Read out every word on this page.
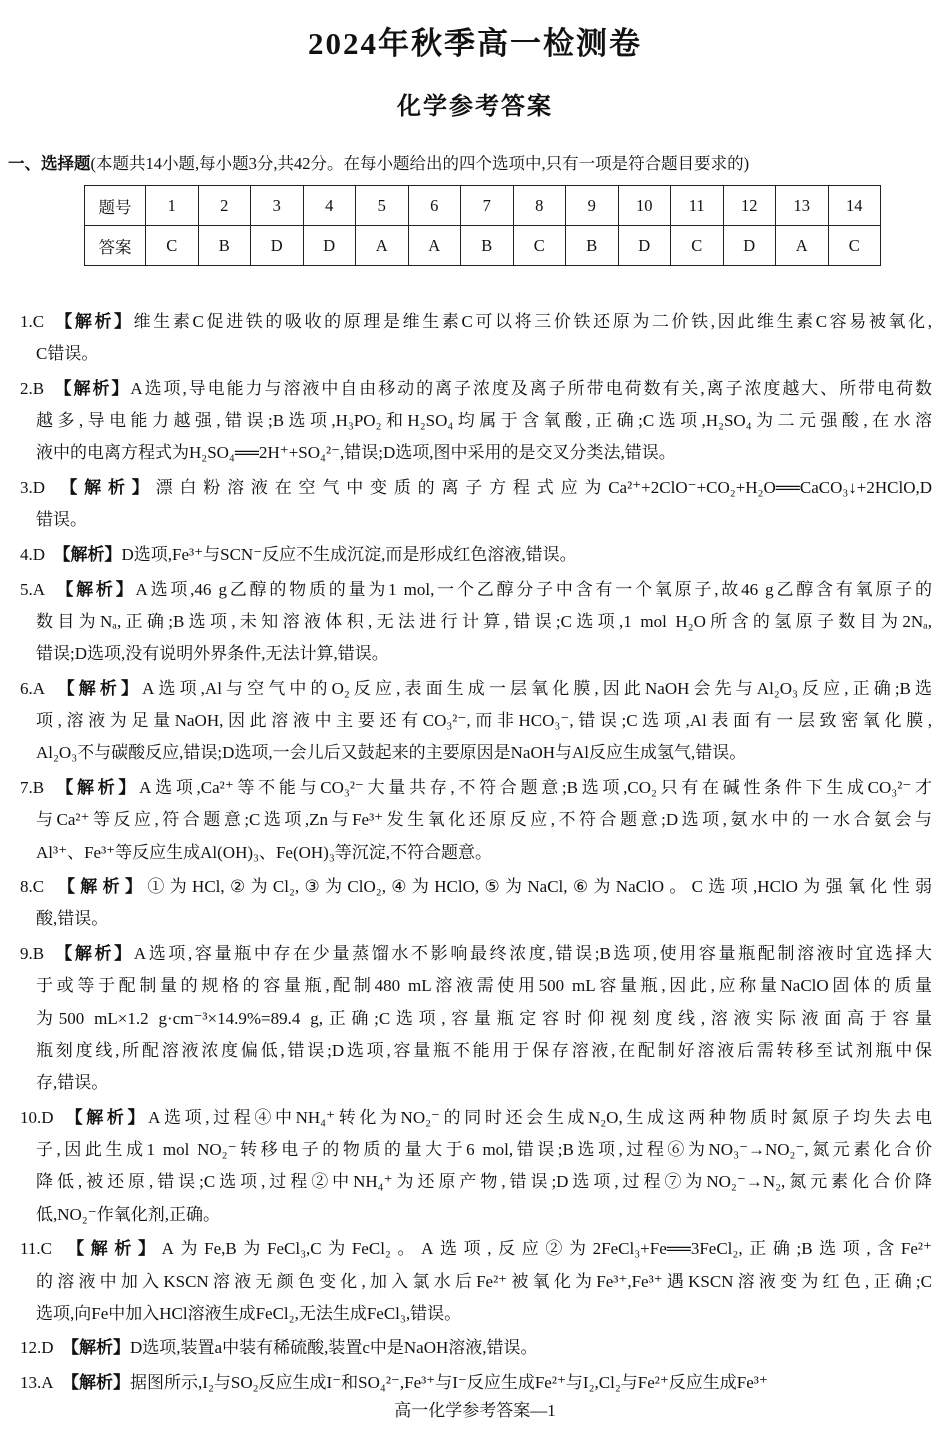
2024年秋季高一检测卷
化学参考答案
一、选择题(本题共14小题,每小题3分,共42分。在每小题给出的四个选项中,只有一项是符合题目要求的)
题号	1	2	3	4	5	6	7	8	9	10	11	12	13	14
答案	C	B	D	D	A	A	B	C	B	D	C	D	A	C
1.C  【解析】维生素C促进铁的吸收的原理是维生素C可以将三价铁还原为二价铁,因此维生素C容易被氧化,
C错误。
2.B  【解析】A选项,导电能力与溶液中自由移动的离子浓度及离子所带电荷数有关,离子浓度越大、所带电荷数
越多,导电能力越强,错误;B选项,H₃PO₂和H₂SO₄均属于含氧酸,正确;C选项,H₂SO₄为二元强酸,在水溶
液中的电离方程式为H₂SO₄══2H⁺+SO₄²⁻,错误;D选项,图中采用的是交叉分类法,错误。
3.D  【解析】漂白粉溶液在空气中变质的离子方程式应为Ca²⁺+2ClO⁻+CO₂+H₂O══CaCO₃↓+2HClO,D
错误。
4.D  【解析】D选项,Fe³⁺与SCN⁻反应不生成沉淀,而是形成红色溶液,错误。
5.A  【解析】A选项,46 g乙醇的物质的量为1 mol,一个乙醇分子中含有一个氧原子,故46 g乙醇含有氧原子的
数目为Nₐ,正确;B选项,未知溶液体积,无法进行计算,错误;C选项,1 mol H₂O所含的氢原子数目为2Nₐ,
错误;D选项,没有说明外界条件,无法计算,错误。
6.A  【解析】A选项,Al与空气中的O₂反应,表面生成一层氧化膜,因此NaOH会先与Al₂O₃反应,正确;B选
项,溶液为足量NaOH,因此溶液中主要还有CO₃²⁻,而非HCO₃⁻,错误;C选项,Al表面有一层致密氧化膜,
Al₂O₃不与碳酸反应,错误;D选项,一会儿后又鼓起来的主要原因是NaOH与Al反应生成氢气,错误。
7.B  【解析】A选项,Ca²⁺等不能与CO₃²⁻大量共存,不符合题意;B选项,CO₂只有在碱性条件下生成CO₃²⁻才
与Ca²⁺等反应,符合题意;C选项,Zn与Fe³⁺发生氧化还原反应,不符合题意;D选项,氨水中的一水合氨会与
Al³⁺、Fe³⁺等反应生成Al(OH)₃、Fe(OH)₃等沉淀,不符合题意。
8.C  【解析】①为HCl,②为Cl₂,③为ClO₂,④为HClO,⑤为NaCl,⑥为NaClO。C选项,HClO为强氧化性弱
酸,错误。
9.B  【解析】A选项,容量瓶中存在少量蒸馏水不影响最终浓度,错误;B选项,使用容量瓶配制溶液时宜选择大
于或等于配制量的规格的容量瓶,配制480 mL溶液需使用500 mL容量瓶,因此,应称量NaClO固体的质量
为500 mL×1.2 g·cm⁻³×14.9%=89.4 g,正确;C选项,容量瓶定容时仰视刻度线,溶液实际液面高于容量
瓶刻度线,所配溶液浓度偏低,错误;D选项,容量瓶不能用于保存溶液,在配制好溶液后需转移至试剂瓶中保
存,错误。
10.D  【解析】A选项,过程④中NH₄⁺转化为NO₂⁻的同时还会生成N₂O,生成这两种物质时氮原子均失去电
子,因此生成1 mol NO₂⁻转移电子的物质的量大于6 mol,错误;B选项,过程⑥为NO₃⁻→NO₂⁻,氮元素化合价
降低,被还原,错误;C选项,过程②中NH₄⁺为还原产物,错误;D选项,过程⑦为NO₂⁻→N₂,氮元素化合价降
低,NO₂⁻作氧化剂,正确。
11.C  【解析】A为Fe,B为FeCl₃,C为FeCl₂。A选项,反应②为2FeCl₃+Fe══3FeCl₂,正确;B选项,含Fe²⁺
的溶液中加入KSCN溶液无颜色变化,加入氯水后Fe²⁺被氧化为Fe³⁺,Fe³⁺遇KSCN溶液变为红色,正确;C
选项,向Fe中加入HCl溶液生成FeCl₂,无法生成FeCl₃,错误。
12.D  【解析】D选项,装置a中装有稀硫酸,装置c中是NaOH溶液,错误。
13.A  【解析】据图所示,I₂与SO₂反应生成I⁻和SO₄²⁻,Fe³⁺与I⁻反应生成Fe²⁺与I₂,Cl₂与Fe²⁺反应生成Fe³⁺
高一化学参考答案—1
